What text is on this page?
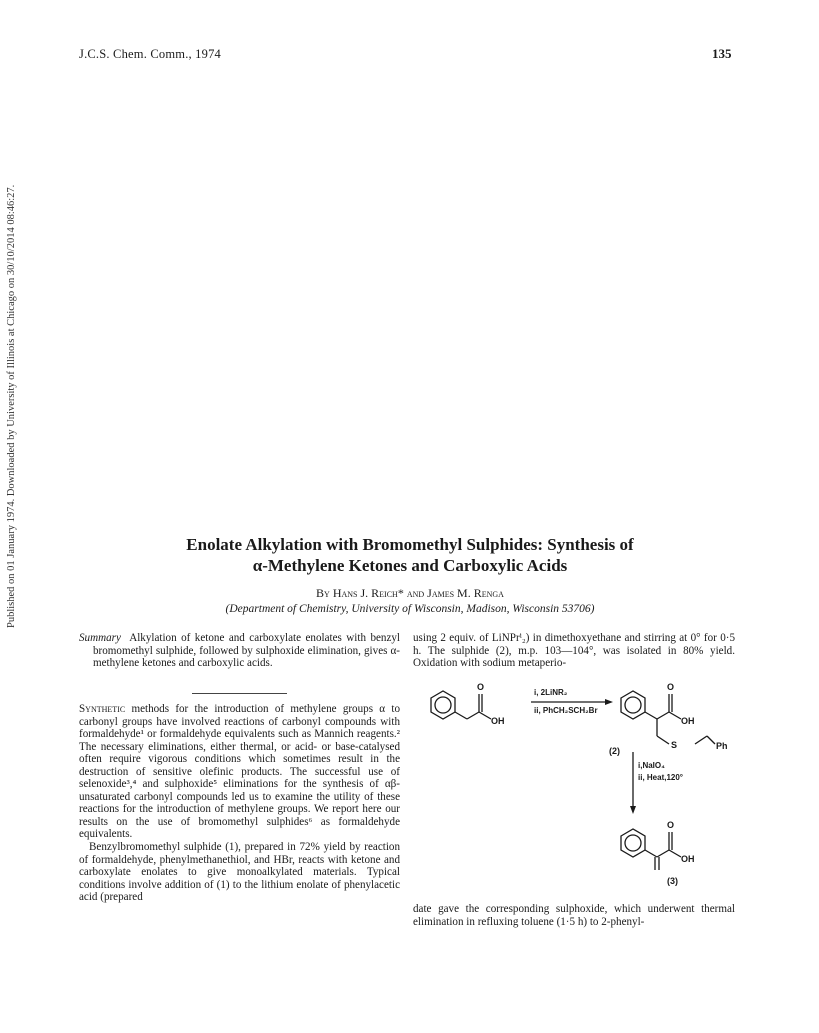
J.C.S. Chem. Comm., 1974	135
Published on 01 January 1974. Downloaded by University of Illinois at Chicago on 30/10/2014 08:46:27.	Enolate Alkylation with Bromomethyl Sulphides: Synthesis of
α-Methylene Ketones and Carboxylic Acids
By Hans J. Reich* and James M. Renga
(Department of Chemistry, University of Wisconsin, Madison, Wisconsin 53706)

Summary Alkylation of ketone and carboxylate enolates with benzyl bromomethyl sulphide, followed by sulphoxide elimination, gives α-methylene ketones and carboxylic acids.

Synthetic methods for the introduction of methylene groups α to carbonyl groups have involved reactions of carbonyl compounds with formaldehyde¹ or formaldehyde equivalents such as Mannich reagents.² The necessary eliminations, either thermal, or acid- or base-catalysed often require vigorous conditions which sometimes result in the destruction of sensitive olefinic products. The successful use of selenoxide³,⁴ and sulphoxide⁵ eliminations for the synthesis of αβ-unsaturated carbonyl compounds led us to examine the utility of these reactions for the introduction of methylene groups. We report here our results on the use of bromomethyl sulphides⁶ as formaldehyde equivalents.

Benzylbromomethyl sulphide (1), prepared in 72% yield by reaction of formaldehyde, phenylmethanethiol, and HBr, reacts with ketone and carboxylate enolates to give monoalkylated materials. Typical conditions involve addition of (1) to the lithium enolate of phenylacetic acid (prepared

using 2 equiv. of LiNPrⁱ₂) in dimethoxyethane and stirring at 0° for 0·5 h. The sulphide (2), m.p. 103—104°, was isolated in 80% yield. Oxidation with sodium metaperio-

date gave the corresponding sulphoxide, which underwent thermal elimination in refluxing toluene (1·5 h) to 2-phenyl-

O
OH
i, 2LiNR₂
ii, PhCH₂SCH₂Br
O
OH
S	Ph
(2)
i,NaIO₄
ii, Heat,120°
O
OH
(3)
